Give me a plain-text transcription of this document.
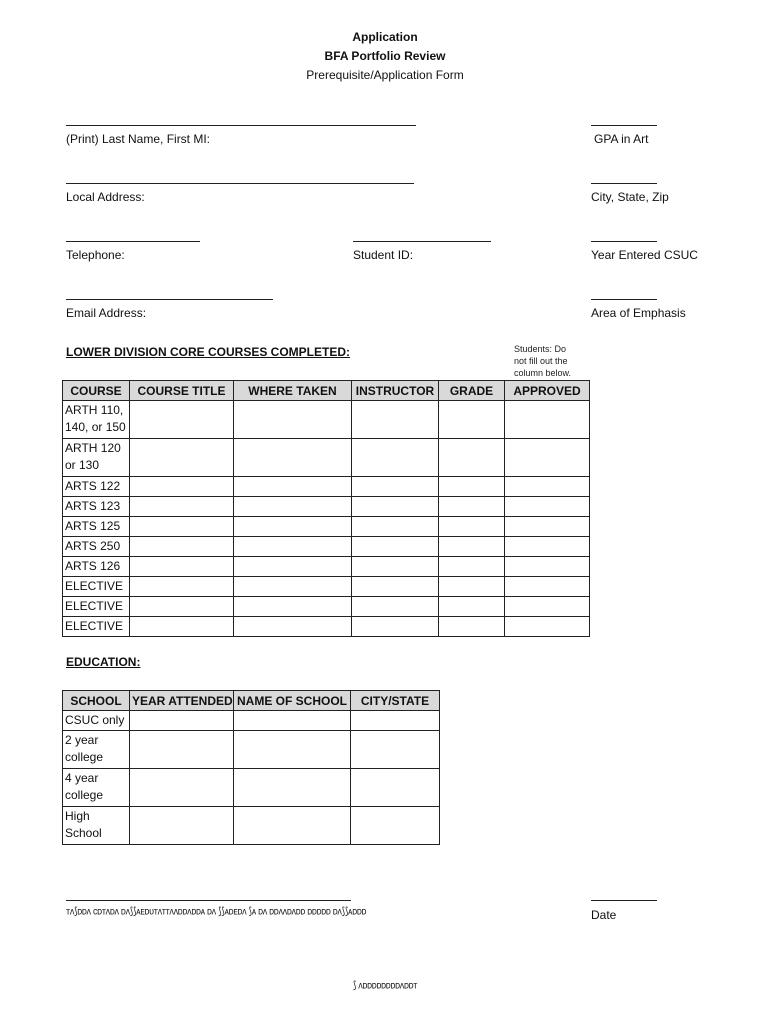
Application
BFA Portfolio Review
Prerequisite/Application Form
(Print) Last Name, First MI:	GPA in Art
Local Address:	City, State, Zip
Telephone:	Student ID:	Year Entered CSUC
Email Address:	Area of Emphasis
LOWER DIVISION CORE COURSES COMPLETED:	Students: Do
not fill out the
column below.
COURSE	COURSE TITLE	WHERE TAKEN	INSTRUCTOR	GRADE	APPROVED

ARTH 110,
140, or 150					

ARTH 120
or 130					

ARTS 122					
ARTS 123					
ARTS 125					
ARTS 250					
ARTS 126					
ELECTIVE					
ELECTIVE					
ELECTIVE					
EDUCATION:
SCHOOL	YEAR ATTENDED	NAME OF SCHOOL	CITY/STATE
CSUC only			

2 year
college			

4 year
college			

High
School			

ᴛᴧ⟆ᴅᴅᴧ ᴄᴅᴛᴧᴅᴧ ᴅᴧ⟆⟆ᴀᴇᴅᴜᴛᴧᴛᴛᴧᴧᴅᴅᴧᴅᴅᴀ ᴅᴧ ⟆⟆ᴀᴅᴇᴅᴧ ⟆ᴀ ᴅᴧ ᴅᴅᴧᴧᴅᴧᴅᴅ ᴅᴅᴅᴅᴅ ᴅᴧ⟆⟆ᴀᴅᴅᴅ	Date
⟆ ᴧᴅᴅᴅᴅᴅᴅᴅᴅᴧᴅᴅᴛ
